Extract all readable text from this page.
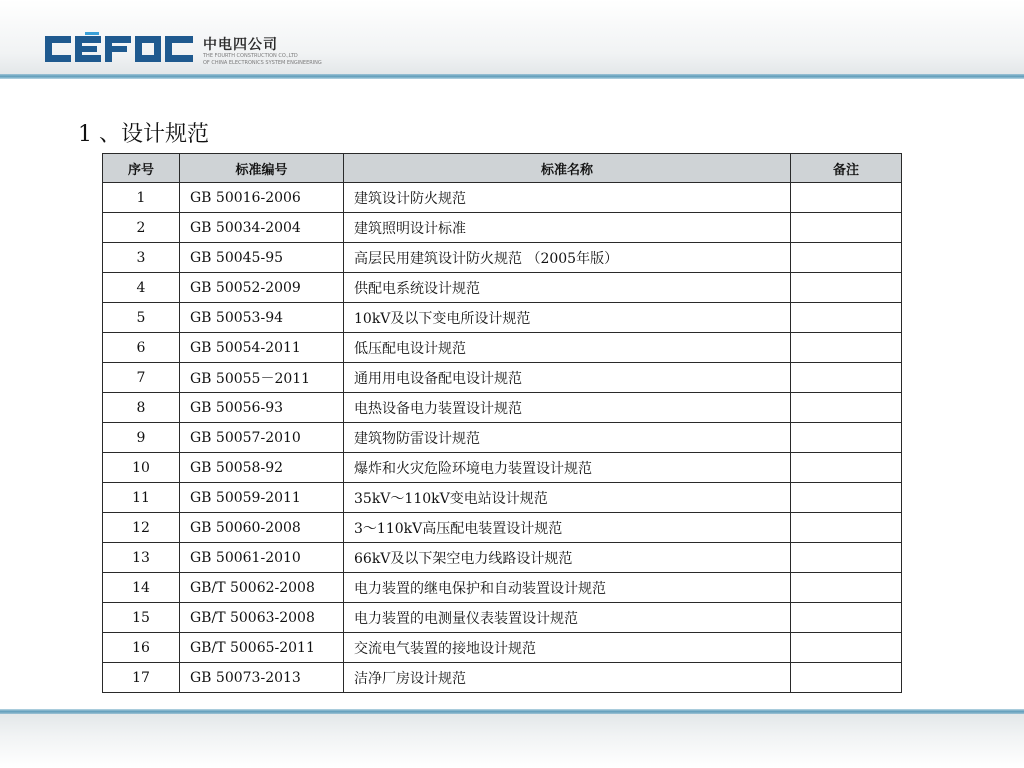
中电四公司
THE FOURTH CONSTRUCTION CO.,LTD
OF CHINA ELECTRONICS SYSTEM ENGINEERING
1 、设计规范
序号	标准编号	标准名称	备注
1	GB 50016-2006	建筑设计防火规范	
2	GB 50034-2004	建筑照明设计标准	
3	GB 50045-95	高层民用建筑设计防火规范 （2005年版）	
4	GB 50052-2009	供配电系统设计规范	
5	GB 50053-94	10kV及以下变电所设计规范	
6	GB 50054-2011	低压配电设计规范	
7	GB 50055－2011	通用用电设备配电设计规范	
8	GB 50056-93	电热设备电力装置设计规范	
9	GB 50057-2010	建筑物防雷设计规范	
10	GB 50058-92	爆炸和火灾危险环境电力装置设计规范	
11	GB 50059-2011	35kV～110kV变电站设计规范	
12	GB 50060-2008	3～110kV高压配电装置设计规范	
13	GB 50061-2010	66kV及以下架空电力线路设计规范	
14	GB/T 50062-2008	电力装置的继电保护和自动装置设计规范	
15	GB/T 50063-2008	电力装置的电测量仪表装置设计规范	
16	GB/T 50065-2011	交流电气装置的接地设计规范	
17	GB 50073-2013	洁净厂房设计规范	
